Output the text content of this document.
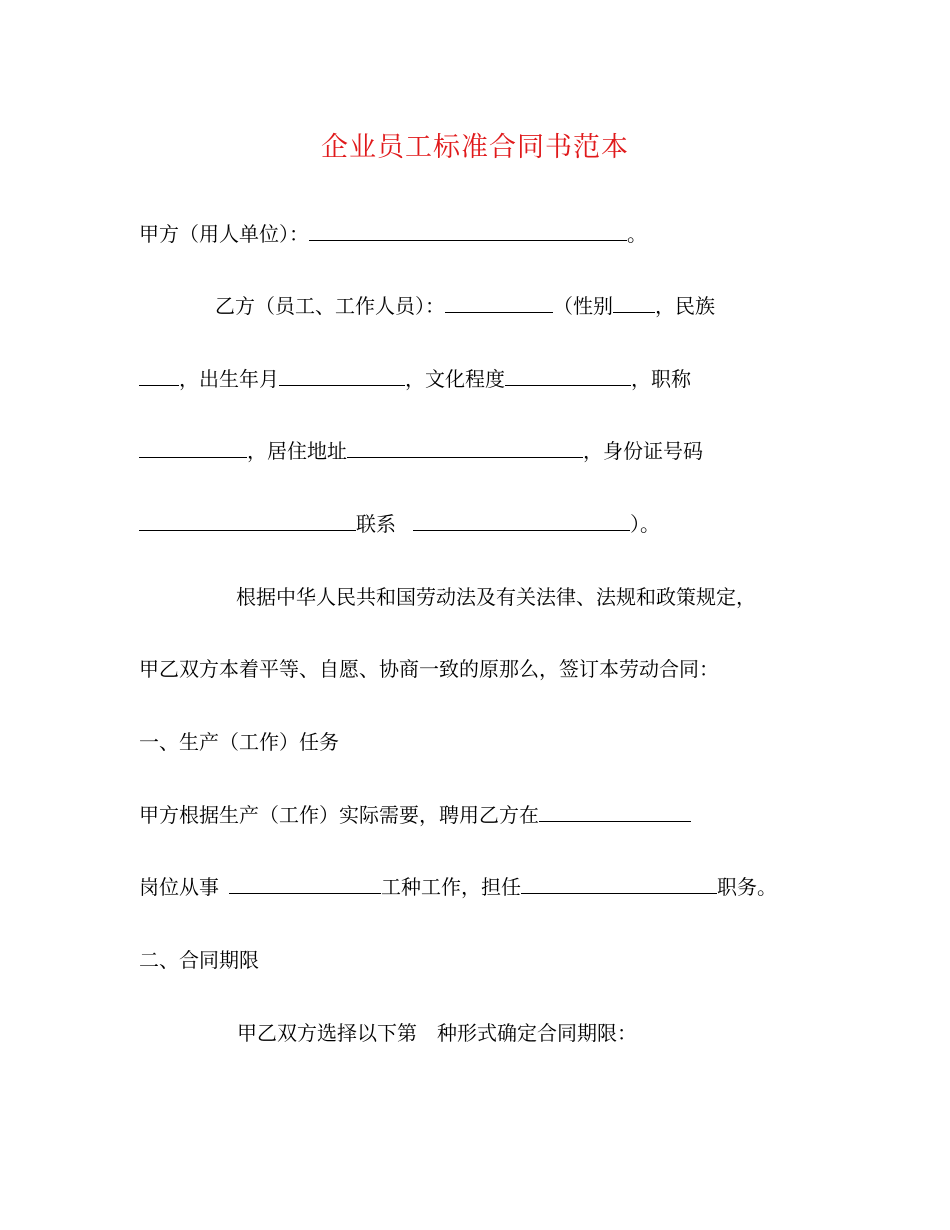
企业员工标准合同书范本
甲方（用人单位）：	。
乙方（员工、工作人员）：	（性别 ，民族
，出生年月	，文化程度	，职称
，居住地址	，身份证号码
联系	）。
根据中华人民共和国劳动法及有关法律、法规和政策规定，
甲乙双方本着平等、自愿、协商一致的原那么，签订本劳动合同：
一、生产（工作）任务
甲方根据生产（工作）实际需要，聘用乙方在
岗位从事	工种工作，担任	职务。
二、合同期限
甲乙双方选择以下第 种形式确定合同期限：
